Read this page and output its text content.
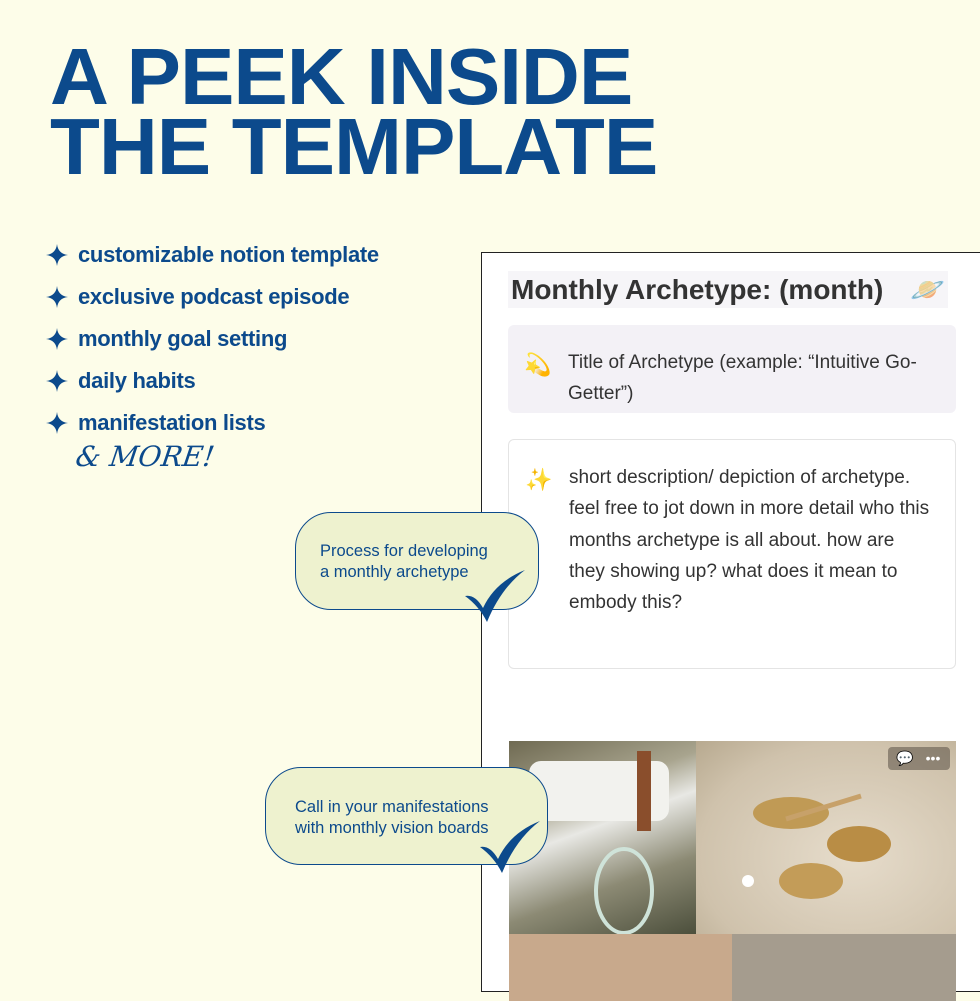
A PEEK INSIDE
THE TEMPLATE
customizable notion template
exclusive podcast episode
monthly goal setting
daily habits
manifestation lists
& MORE!
Monthly Archetype: (month) 🪐
💫 Title of Archetype (example: “Intuitive Go-Getter”)
✨ short description/ depiction of archetype. feel free to jot down in more detail who this months archetype is all about. how are they showing up? what does it mean to embody this?
💬 •••
Process for developing
a monthly archetype
Call in your manifestations
with monthly vision boards
